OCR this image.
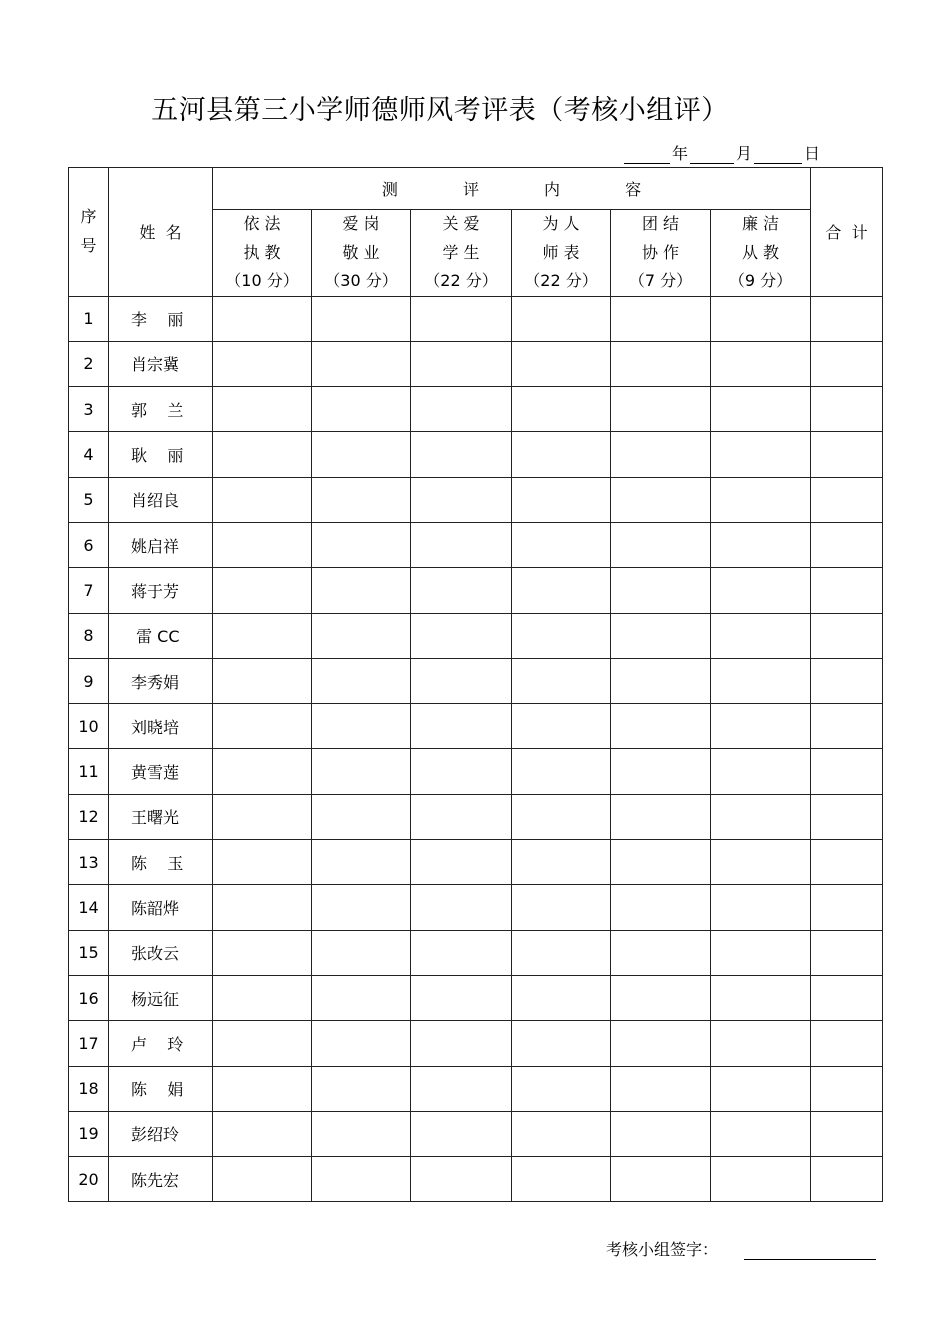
五河县第三小学师德师风考评表（考核小组评）
年	月	日
序
号	姓  名	测 评 内 容						合  计

		依 法
执 教
（10 分）	爱 岗
敬 业
（30 分）	关 爱
学 生
（22 分）	为 人
师 表
（22 分）	团 结
协 作
（7 分）	廉 洁
从 教
（9 分）	

1	李    丽							
2	肖宗冀							
3	郭    兰							
4	耿    丽							
5	肖绍良							
6	姚启祥							
7	蒋于芳							
8	雷 CC							
9	李秀娟							
10	刘晓培							
11	黄雪莲							
12	王曙光							
13	陈    玉							
14	陈韶烨							
15	张改云							
16	杨远征							
17	卢    玲							
18	陈    娟							
19	彭绍玲							
20	陈先宏							
考核小组签字：
